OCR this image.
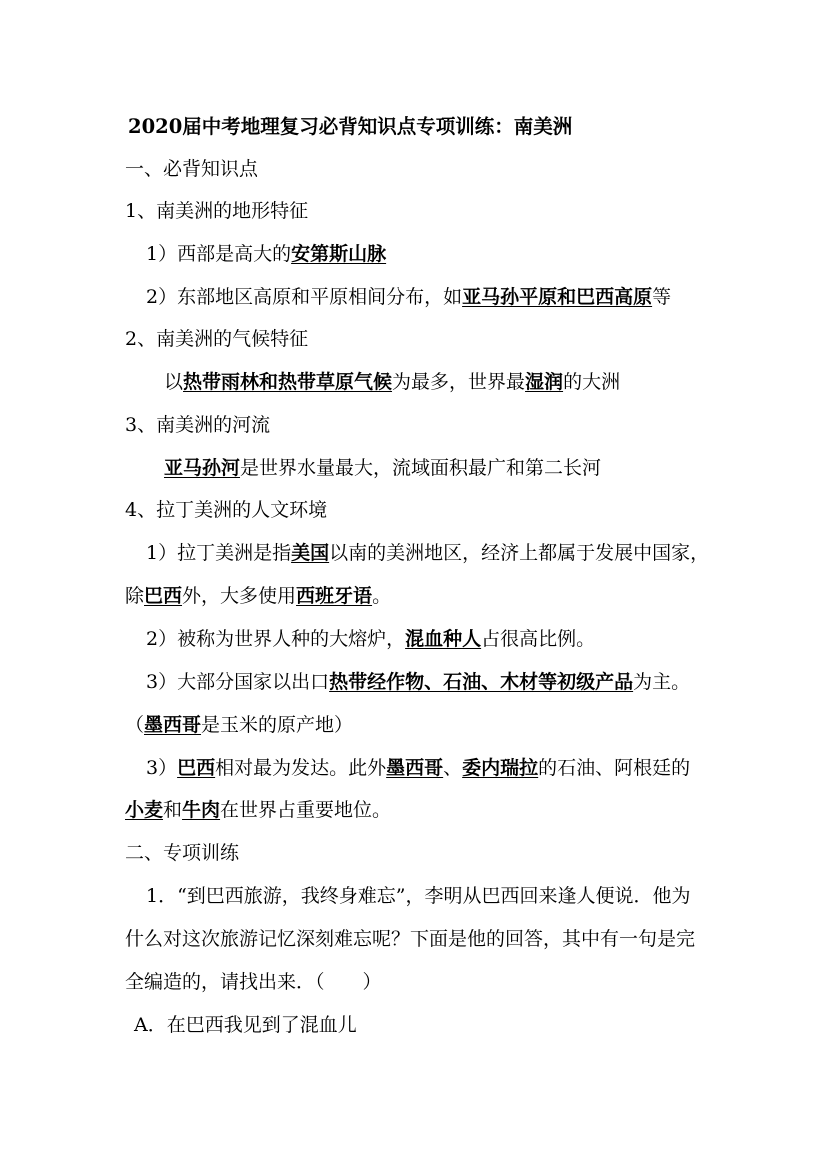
2020届中考地理复习必背知识点专项训练：南美洲
一、必背知识点
1、南美洲的地形特征
1）西部是高大的安第斯山脉
2）东部地区高原和平原相间分布，如亚马孙平原和巴西高原等
2、南美洲的气候特征
以热带雨林和热带草原气候为最多，世界最湿润的大洲
3、南美洲的河流
亚马孙河是世界水量最大，流域面积最广和第二长河
4、拉丁美洲的人文环境
1）拉丁美洲是指美国以南的美洲地区，经济上都属于发展中国家，
除巴西外，大多使用西班牙语。
2）被称为世界人种的大熔炉，混血种人占很高比例。
3）大部分国家以出口热带经作物、石油、木材等初级产品为主。
（墨西哥是玉米的原产地）
3）巴西相对最为发达。此外墨西哥、委内瑞拉的石油、阿根廷的
小麦和牛肉在世界占重要地位。
二、专项训练
1．“到巴西旅游，我终身难忘”，李明从巴西回来逢人便说．他为
什么对这次旅游记忆深刻难忘呢？下面是他的回答，其中有一句是完
全编造的，请找出来．（　　）
A．在巴西我见到了混血儿
